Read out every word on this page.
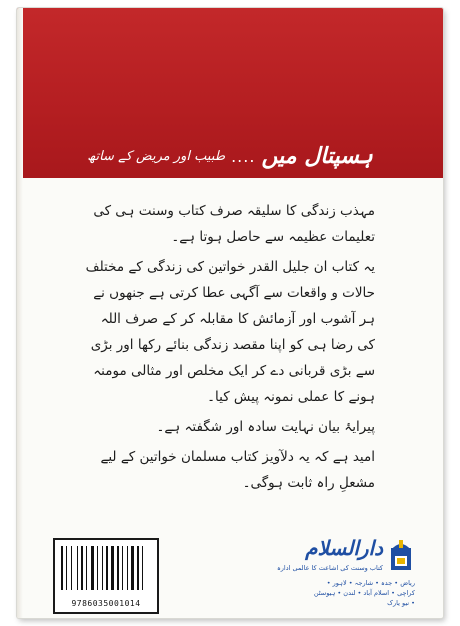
ہسپتال میں
....
طبیب اور مریض کے ساتھ

مہذب زندگی کا سلیقہ صرف کتاب وسنت ہی کی تعلیمات عظیمہ سے حاصل ہوتا ہے۔

یہ کتاب ان جلیل القدر خواتین کی زندگی کے مختلف حالات و واقعات سے آگہی عطا کرتی ہے جنھوں نے ہر آشوب اور آزمائش کا مقابلہ کر کے صرف اللہ کی رضا ہی کو اپنا مقصد زندگی بنائے رکھا اور بڑی سے بڑی قربانی دے کر ایک مخلص اور مثالی مومنہ ہونے کا عملی نمونہ پیش کیا۔

پیرایۂ بیان نہایت سادہ اور شگفتہ ہے۔

امید ہے کہ یہ دلآویز کتاب مسلمان خواتین کے لیے مشعلِ راہ ثابت ہوگی۔

9786035001014
دارالسلام
کتاب وسنت کی اشاعت کا عالمی ادارہ
ریاض • جدہ • شارجہ • لاہور • کراچی • اسلام آباد • لندن • ہیوسٹن • نیو یارک
